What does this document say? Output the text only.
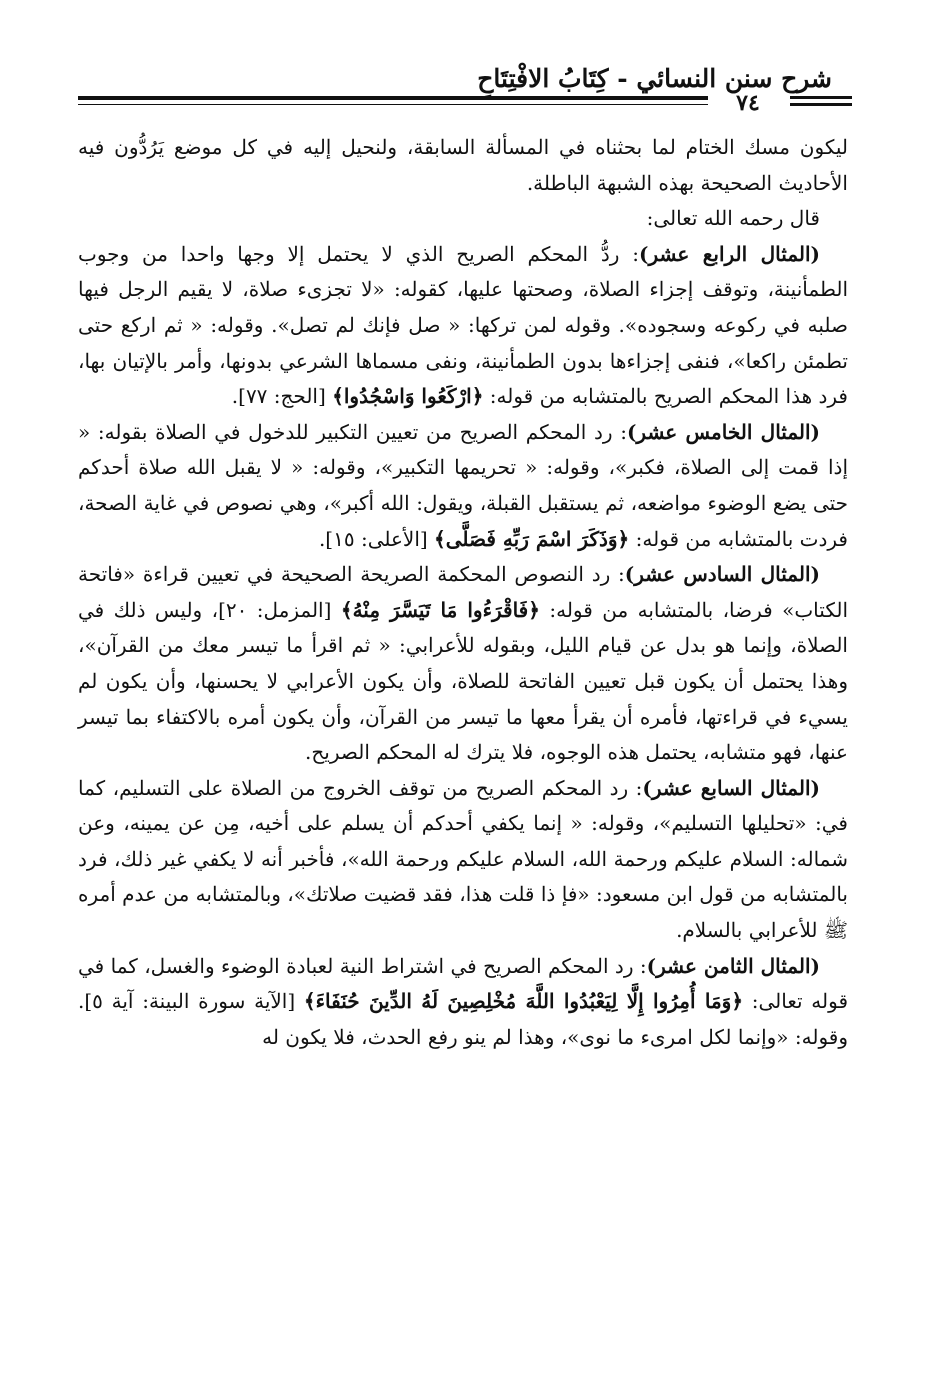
شرح سنن النسائي - كِتَابُ الافْتِتَاحِ
٧٤

ليكون مسك الختام لما بحثناه في المسألة السابقة، ولنحيل إليه في كل موضع يَرُدُّون فيه الأحاديث الصحيحة بهذه الشبهة الباطلة.

قال رحمه الله تعالى:

(المثال الرابع عشر): ردُّ المحكم الصريح الذي لا يحتمل إلا وجها واحدا من وجوب الطمأنينة، وتوقف إجزاء الصلاة، وصحتها عليها، كقوله: «لا تجزىء صلاة، لا يقيم الرجل فيها صلبه في ركوعه وسجوده». وقوله لمن تركها: « صل فإنك لم تصل». وقوله: « ثم اركع حتى تطمئن راكعا»، فنفى إجزاءها بدون الطمأنينة، ونفى مسماها الشرعي بدونها، وأمر بالإتيان بها، فرد هذا المحكم الصريح بالمتشابه من قوله: ﴿ارْكَعُوا وَاسْجُدُوا﴾ [الحج: ٧٧].

(المثال الخامس عشر): رد المحكم الصريح من تعيين التكبير للدخول في الصلاة بقوله: « إذا قمت إلى الصلاة، فكبر»، وقوله: « تحريمها التكبير»، وقوله: « لا يقبل الله صلاة أحدكم حتى يضع الوضوء مواضعه، ثم يستقبل القبلة، ويقول: الله أكبر»، وهي نصوص في غاية الصحة، فردت بالمتشابه من قوله: ﴿وَذَكَرَ اسْمَ رَبِّهِ فَصَلَّى﴾ [الأعلى: ١٥].

(المثال السادس عشر): رد النصوص المحكمة الصريحة الصحيحة في تعيين قراءة «فاتحة الكتاب» فرضا، بالمتشابه من قوله: ﴿فَاقْرَءُوا مَا تَيَسَّرَ مِنْهُ﴾ [المزمل: ٢٠]، وليس ذلك في الصلاة، وإنما هو بدل عن قيام الليل، وبقوله للأعرابي: « ثم اقرأ ما تيسر معك من القرآن»، وهذا يحتمل أن يكون قبل تعيين الفاتحة للصلاة، وأن يكون الأعرابي لا يحسنها، وأن يكون لم يسيء في قراءتها، فأمره أن يقرأ معها ما تيسر من القرآن، وأن يكون أمره بالاكتفاء بما تيسر عنها، فهو متشابه، يحتمل هذه الوجوه، فلا يترك له المحكم الصريح.

(المثال السابع عشر): رد المحكم الصريح من توقف الخروج من الصلاة على التسليم، كما في: «تحليلها التسليم»، وقوله: « إنما يكفي أحدكم أن يسلم على أخيه، مِن عن يمينه، وعن شماله: السلام عليكم ورحمة الله، السلام عليكم ورحمة الله»، فأخبر أنه لا يكفي غير ذلك، فرد بالمتشابه من قول ابن مسعود: «فإ ذا قلت هذا، فقد قضيت صلاتك»، وبالمتشابه من عدم أمره ﷺ للأعرابي بالسلام.

(المثال الثامن عشر): رد المحكم الصريح في اشتراط النية لعبادة الوضوء والغسل، كما في قوله تعالى: ﴿وَمَا أُمِرُوا إِلَّا لِيَعْبُدُوا اللَّهَ مُخْلِصِينَ لَهُ الدِّينَ حُنَفَاءَ﴾ [الآية سورة البينة: آية ٥]. وقوله: «وإنما لكل امرىء ما نوى»، وهذا لم ينو رفع الحدث، فلا يكون له
